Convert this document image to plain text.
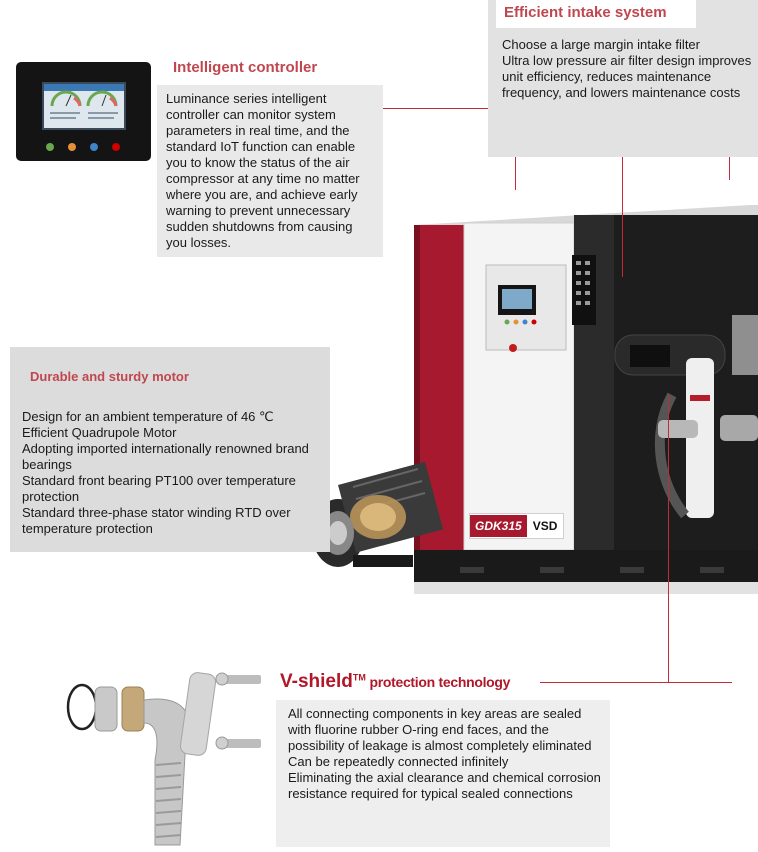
GDK315 VSD
Intelligent controller
Luminance series intelligent controller can monitor system parameters in real time, and the standard IoT function can enable you to know the status of the air compressor at any time no matter where you are, and achieve early warning to prevent unnecessary sudden shutdowns from causing you losses.
Efficient intake system
Choose a large margin intake filter
Ultra low pressure air filter design improves unit efficiency, reduces maintenance frequency, and lowers maintenance costs
Durable and sturdy motor
Design for an ambient temperature of 46 ℃
Efficient Quadrupole Motor
Adopting imported internationally renowned brand bearings
Standard front bearing PT100 over temperature protection
Standard three-phase stator winding RTD over temperature protection
V-shield™ protection technology
All connecting components in key areas are sealed with fluorine rubber O-ring end faces, and the possibility of leakage is almost completely eliminated
Can be repeatedly connected infinitely
Eliminating the axial clearance and chemical corrosion resistance required for typical sealed connections
